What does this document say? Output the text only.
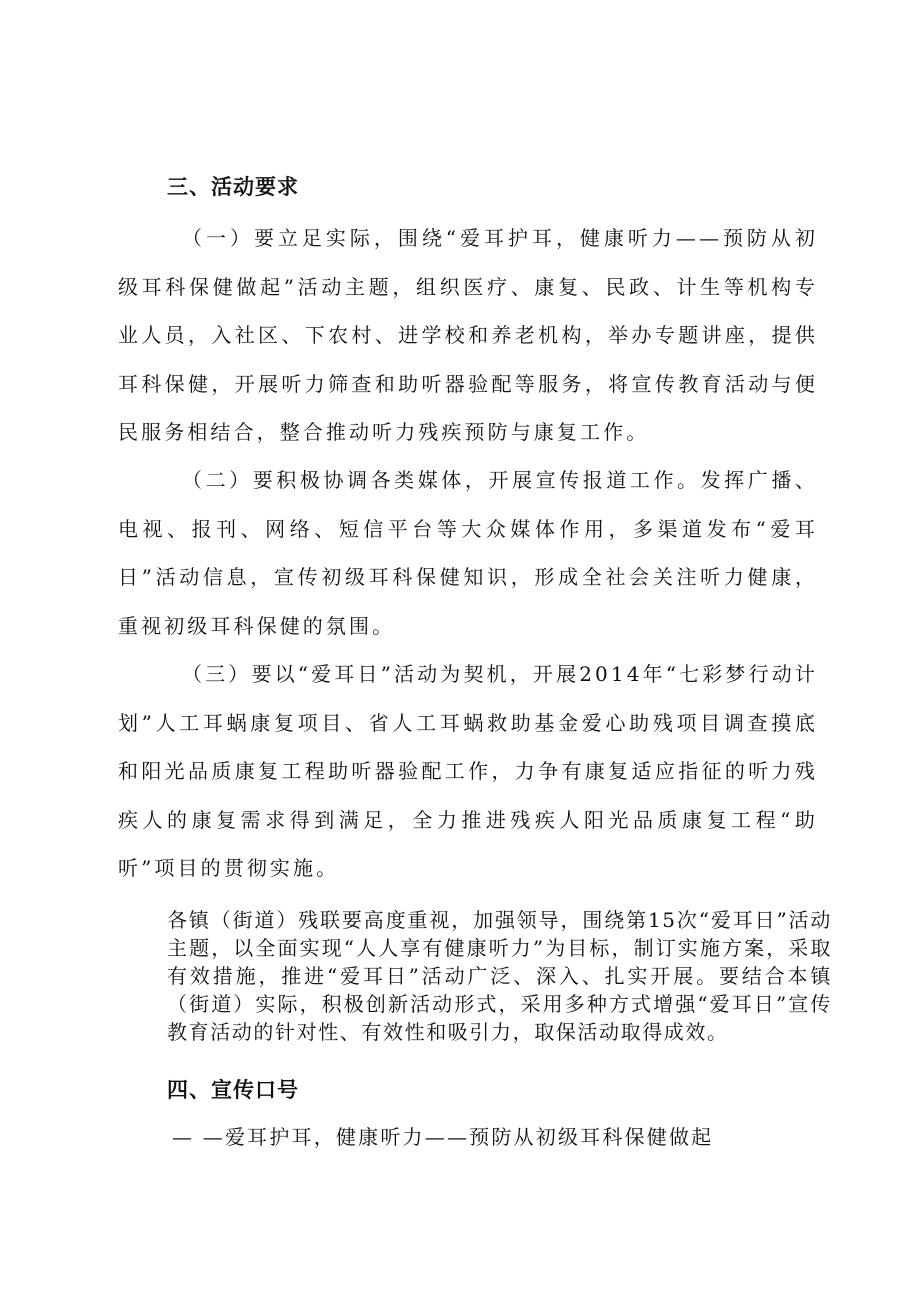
三、活动要求
（一）要立足实际，围绕“爱耳护耳，健康听力——预防从初级耳科保健做起”活动主题，组织医疗、康复、民政、计生等机构专业人员，入社区、下农村、进学校和养老机构，举办专题讲座，提供耳科保健，开展听力筛查和助听器验配等服务，将宣传教育活动与便民服务相结合，整合推动听力残疾预防与康复工作。
（二）要积极协调各类媒体，开展宣传报道工作。发挥广播、电视、报刊、网络、短信平台等大众媒体作用，多渠道发布“爱耳日”活动信息，宣传初级耳科保健知识，形成全社会关注听力健康，重视初级耳科保健的氛围。
（三）要以“爱耳日”活动为契机，开展2014年“七彩梦行动计划”人工耳蜗康复项目、省人工耳蜗救助基金爱心助残项目调查摸底和阳光品质康复工程助听器验配工作，力争有康复适应指征的听力残疾人的康复需求得到满足，全力推进残疾人阳光品质康复工程“助听”项目的贯彻实施。
各镇（街道）残联要高度重视，加强领导，围绕第15次“爱耳日”活动主题，以全面实现“人人享有健康听力”为目标，制订实施方案，采取有效措施，推进“爱耳日”活动广泛、深入、扎实开展。要结合本镇（街道）实际，积极创新活动形式，采用多种方式增强“爱耳日”宣传教育活动的针对性、有效性和吸引力，取保活动取得成效。
四、宣传口号
— —爱耳护耳，健康听力——预防从初级耳科保健做起
